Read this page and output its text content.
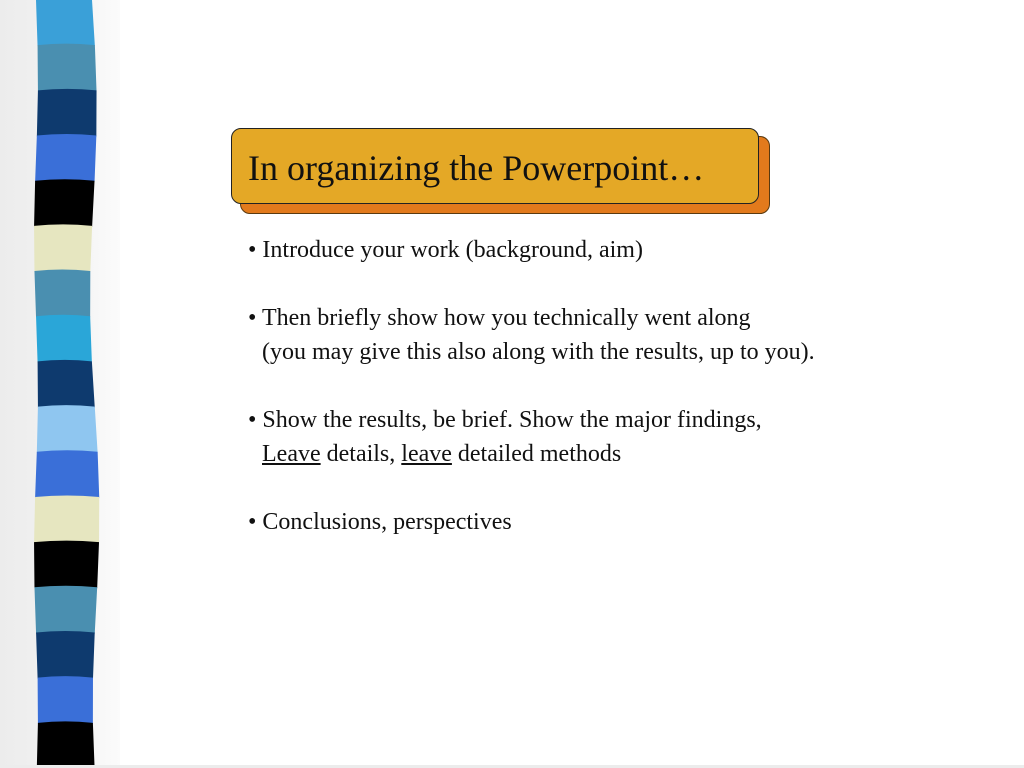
In organizing the Powerpoint…
• Introduce your work (background, aim)
• Then briefly show how you technically went along
(you may give this also along with the results, up to you).
• Show the results, be brief. Show the major findings,
Leave details, leave detailed methods
• Conclusions, perspectives
